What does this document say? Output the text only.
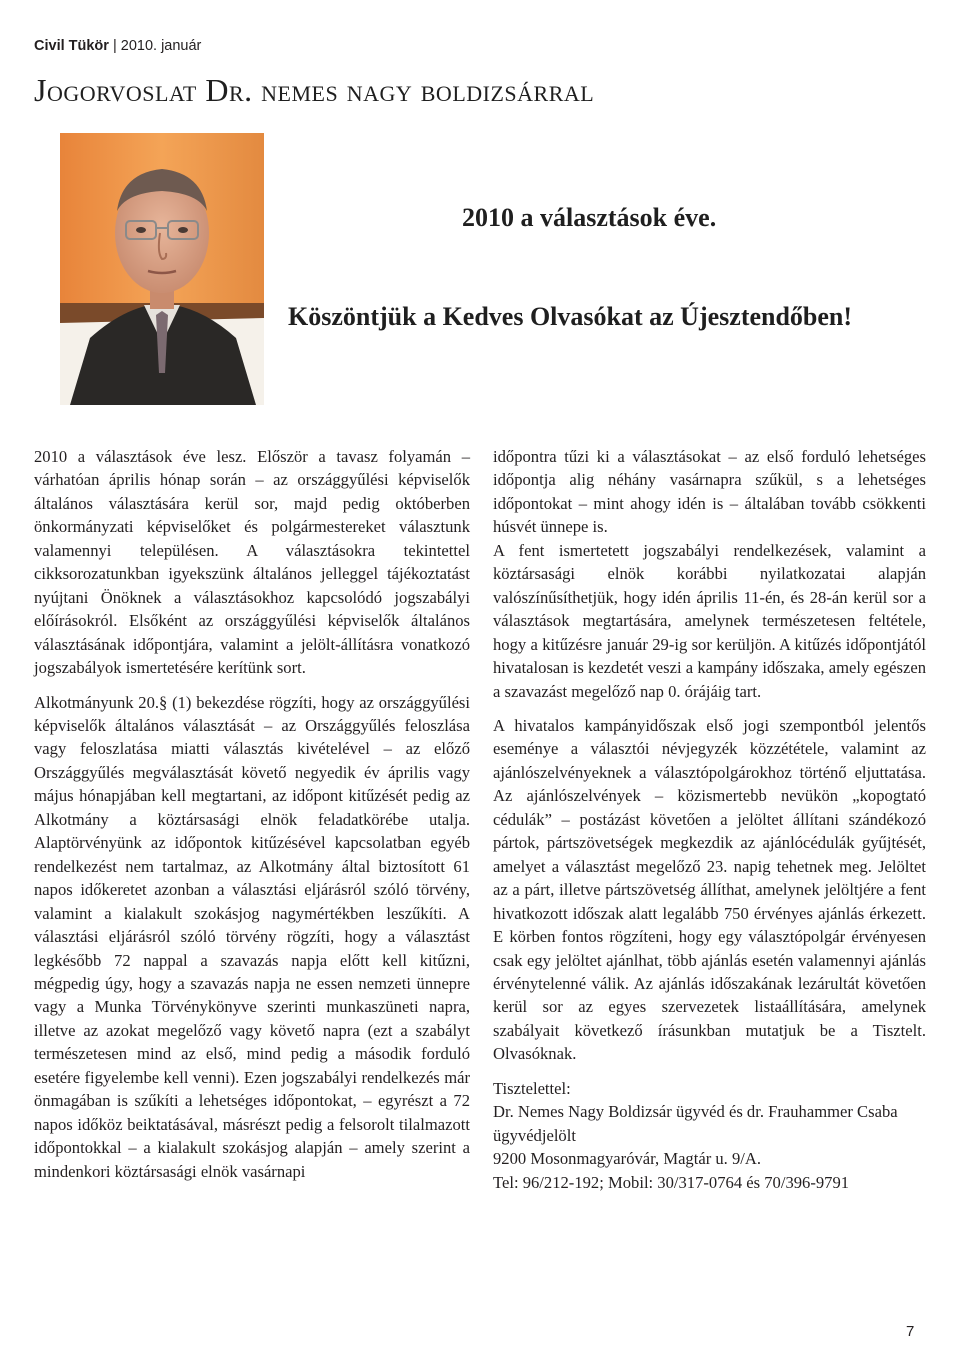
Civil Tükör | 2010. január
Jogorvoslat Dr. nemes nagy boldizsárral
2010 a választások éve.
Köszöntjük a Kedves Olvasókat az Újesztendőben!

2010 a választások éve lesz. Először a tavasz folyamán – várhatóan április hónap során – az országgyűlési képviselők általános választására kerül sor, majd pedig októberben önkormányzati képviselőket és polgármestereket választunk valamennyi településen. A választásokra tekintettel cikksorozatunkban igyekszünk általános jelleggel tájékoztatást nyújtani Önöknek a választásokhoz kapcsolódó jogszabályi előírásokról. Elsőként az országgyűlési képviselők általános választásának időpontjára, valamint a jelölt-állításra vonatkozó jogszabályok ismertetésére kerítünk sort.

Alkotmányunk 20.§ (1) bekezdése rögzíti, hogy az országgyűlési képviselők általános választását – az Országgyűlés feloszlása vagy feloszlatása miatti választás kivételével – az előző Országgyűlés megválasztását követő negyedik év április vagy május hónapjában kell megtartani, az időpont kitűzését pedig az Alkotmány a köztársasági elnök feladatkörébe utalja. Alaptörvényünk az időpontok kitűzésével kapcsolatban egyéb rendelkezést nem tartalmaz, az Alkotmány által biztosított 61 napos időkeretet azonban a választási eljárásról szóló törvény, valamint a kialakult szokásjog nagymértékben leszűkíti. A választási eljárásról szóló törvény rögzíti, hogy a választást legkésőbb 72 nappal a szavazás napja előtt kell kitűzni, mégpedig úgy, hogy a szavazás napja ne essen nemzeti ünnepre vagy a Munka Törvénykönyve szerinti munkaszüneti napra, illetve az azokat megelőző vagy követő napra (ezt a szabályt természetesen mind az első, mind pedig a második forduló esetére figyelembe kell venni). Ezen jogszabályi rendelkezés már önmagában is szűkíti a lehetséges időpontokat, – egyrészt a 72 napos időköz beiktatásával, másrészt pedig a felsorolt tilalmazott időpontokkal – a kialakult szokásjog alapján – amely szerint a mindenkori köztársasági elnök vasárnapi

időpontra tűzi ki a választásokat – az első forduló lehetséges időpontja alig néhány vasárnapra szűkül, s a lehetséges időpontokat – mint ahogy idén is – általában tovább csökkenti húsvét ünnepe is.

A fent ismertetett jogszabályi rendelkezések, valamint a köztársasági elnök korábbi nyilatkozatai alapján valószínűsíthetjük, hogy idén április 11-én, és 28-án kerül sor a választások megtartására, amelynek természetesen feltétele, hogy a kitűzésre január 29-ig sor kerüljön. A kitűzés időpontjától hivatalosan is kezdetét veszi a kampány időszaka, amely egészen a szavazást megelőző nap 0. órájáig tart.

A hivatalos kampányidőszak első jogi szempontból jelentős eseménye a választói névjegyzék közzététele, valamint az ajánlószelvényeknek a választópolgárokhoz történő eljuttatása. Az ajánlószelvények – közismertebb nevükön „kopogtató cédulák” – postázást követően a jelöltet állítani szándékozó pártok, pártszövetségek megkezdik az ajánlócédulák gyűjtését, amelyet a választást megelőző 23. napig tehetnek meg. Jelöltet az a párt, illetve pártszövetség állíthat, amelynek jelöltjére a fent hivatkozott időszak alatt legalább 750 érvényes ajánlás érkezett. E körben fontos rögzíteni, hogy egy választópolgár érvényesen csak egy jelöltet ajánlhat, több ajánlás esetén valamennyi ajánlás érvénytelenné válik. Az ajánlás időszakának lezárultát követően kerül sor az egyes szervezetek listaállítására, amelynek szabályait következő írásunkban mutatjuk be a Tisztelt. Olvasóknak.

Tisztelettel:

Dr. Nemes Nagy Boldizsár ügyvéd és dr. Frauhammer Csaba ügyvédjelölt

9200 Mosonmagyaróvár, Magtár u. 9/A.

Tel: 96/212-192; Mobil: 30/317-0764 és 70/396-9791

7
